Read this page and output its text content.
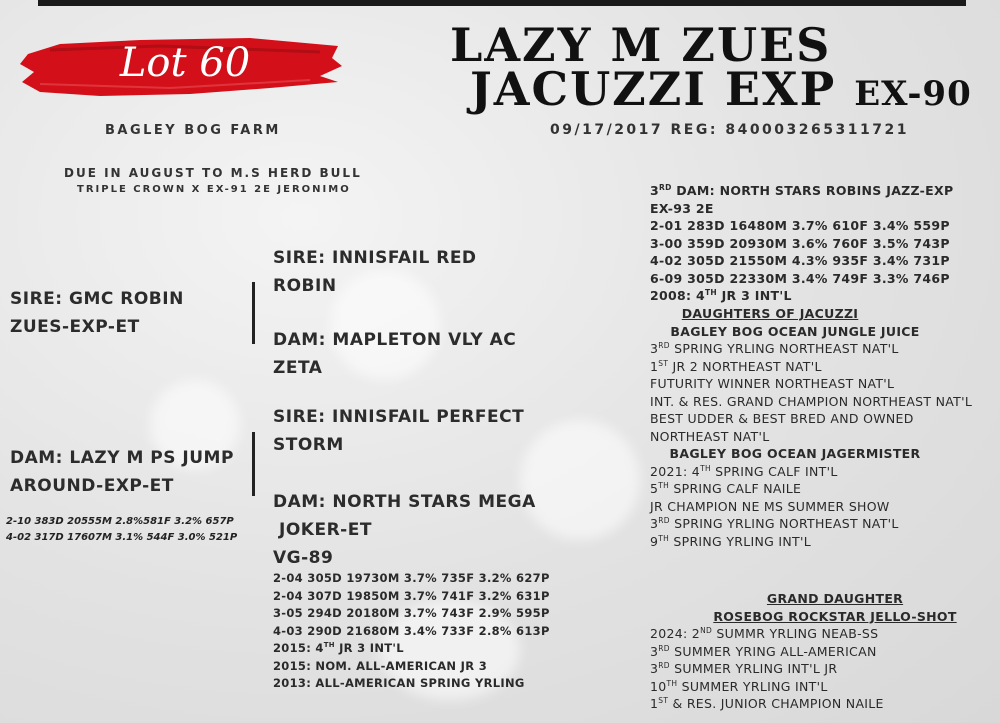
Lot 60
BAGLEY BOG FARM
LAZY M ZUES
JACUZZI EXP EX-90
09/17/2017 REG: 840003265311721
DUE IN AUGUST TO M.S HERD BULL
TRIPLE CROWN X EX-91 2E JERONIMO
SIRE: GMC ROBIN
ZUES-EXP-ET
DAM: LAZY M PS JUMP
AROUND-EXP-ET
2-10 383D 20555M 2.8%581F 3.2% 657P
4-02 317D 17607M 3.1% 544F 3.0% 521P
SIRE: INNISFAIL RED
ROBIN
DAM: MAPLETON VLY AC
ZETA
SIRE: INNISFAIL PERFECT
STORM
DAM: NORTH STARS MEGA
JOKER-ET
VG-89
2-04 305D 19730M 3.7% 735F 3.2% 627P
2-04 307D 19850M 3.7% 741F 3.2% 631P
3-05 294D 20180M 3.7% 743F 2.9% 595P
4-03 290D 21680M 3.4% 733F 2.8% 613P
2015: 4TH JR 3 INT'L
2015: NOM. ALL-AMERICAN JR 3
2013: ALL-AMERICAN SPRING YRLING
3RD DAM: NORTH STARS ROBINS JAZZ-EXP
EX-93 2E
2-01 283D 16480M 3.7% 610F 3.4% 559P
3-00 359D 20930M 3.6% 760F 3.5% 743P
4-02 305D 21550M 4.3% 935F 3.4% 731P
6-09 305D 22330M 3.4% 749F 3.3% 746P
2008: 4TH JR 3 INT'L
DAUGHTERS OF JACUZZI
BAGLEY BOG OCEAN JUNGLE JUICE
3RD SPRING YRLING NORTHEAST NAT'L
1ST JR 2 NORTHEAST NAT'L
FUTURITY WINNER NORTHEAST NAT'L
INT. & RES. GRAND CHAMPION NORTHEAST NAT'L
BEST UDDER & BEST BRED AND OWNED
NORTHEAST NAT'L
BAGLEY BOG OCEAN JAGERMISTER
2021: 4TH SPRING CALF INT'L
5TH SPRING CALF NAILE
JR CHAMPION NE MS SUMMER SHOW
3RD SPRING YRLING NORTHEAST NAT'L
9TH SPRING YRLING INT'L
GRAND DAUGHTER
ROSEBOG ROCKSTAR JELLO-SHOT
2024: 2ND SUMMR YRLING NEAB-SS
3RD SUMMER YRING ALL-AMERICAN
3RD SUMMER YRLING INT'L JR
10TH SUMMER YRLING INT'L
1ST & RES. JUNIOR CHAMPION NAILE
